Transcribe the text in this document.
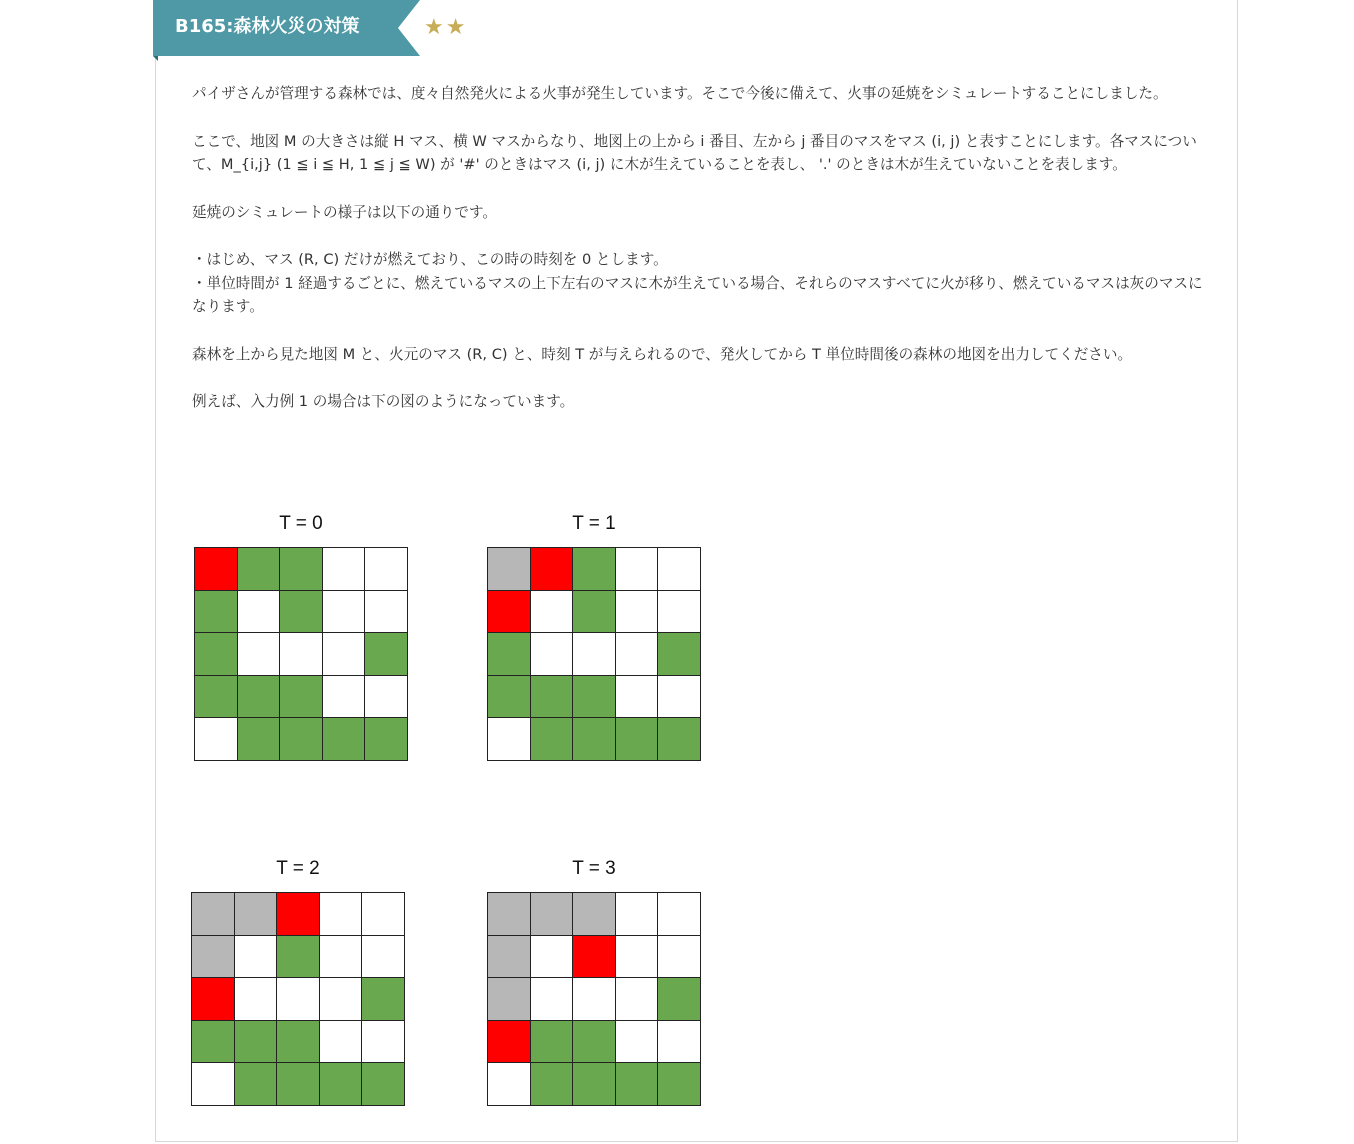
B165:森林火災の対策	★ ★

パイザさんが管理する森林では、度々自然発火による火事が発生しています。そこで今後に備えて、火事の延焼をシミュレートすることにしました。

ここで、地図 M の大きさは縦 H マス、横 W マスからなり、地図上の上から i 番目、左から j 番目のマスをマス (i, j) と表すことにします。各マスについて、M_{i,j} (1 ≦ i ≦ H, 1 ≦ j ≦ W) が '#' のときはマス (i, j) に木が生えていることを表し、 '.' のときは木が生えていないことを表します。

延焼のシミュレートの様子は以下の通りです。

・はじめ、マス (R, C) だけが燃えており、この時の時刻を 0 とします。

・単位時間が 1 経過するごとに、燃えているマスの上下左右のマスに木が生えている場合、それらのマスすべてに火が移り、燃えているマスは灰のマスになります。

森林を上から見た地図 M と、火元のマス (R, C) と、時刻 T が与えられるので、発火してから T 単位時間後の森林の地図を出力してください。

例えば、入力例 1 の場合は下の図のようになっています。

T = 0	T = 1
T = 2	T = 3
